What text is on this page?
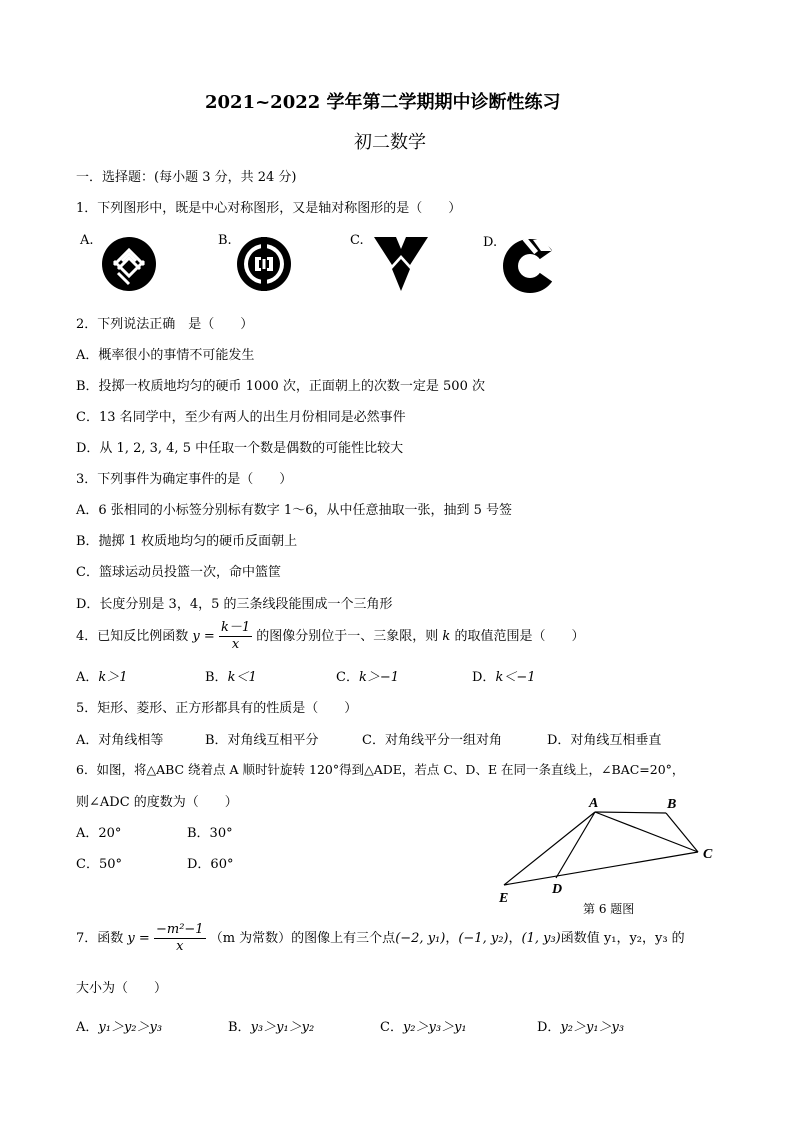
2021~2022 学年第二学期期中诊断性练习
初二数学
一．选择题：(每小题 3 分，共 24 分)
1．下列图形中，既是中心对称图形，又是轴对称图形的是（　　）
A.	B.	C.	D.
2．下列说法正确　是（　　）
A．概率很小的事情不可能发生
B．投掷一枚质地均匀的硬币 1000 次，正面朝上的次数一定是 500 次
C．13 名同学中，至少有两人的出生月份相同是必然事件
D．从 1, 2, 3, 4, 5 中任取一个数是偶数的可能性比较大
3．下列事件为确定事件的是（　　）
A．6 张相同的小标签分别标有数字 1～6，从中任意抽取一张，抽到 5 号签
B．抛掷 1 枚质地均匀的硬币反面朝上
C．篮球运动员投篮一次，命中篮筐
D．长度分别是 3，4，5 的三条线段能围成一个三角形
4．已知反比例函数 $y = \frac{k-1}{x}$ 的图像分别位于一、三象限，则 k 的取值范围是（　　）
A．k＞1	B．k＜1	C．k＞−1	D．k＜−1
5．矩形、菱形、正方形都具有的性质是（　　）
A．对角线相等	B．对角线互相平分	C．对角线平分一组对角	D．对角线互相垂直
6．如图，将△ABC 绕着点 A 顺时针旋转 120°得到△ADE，若点 C、D、E 在同一条直线上，∠BAC=20°，
则∠ADC 的度数为（　　）
A．20°	B．30°
C．50°	D．60°
A	B
C
D
E
第 6 题图
7．函数 $y = \frac{\text{−m²−1}}{x} (m$ 为常数）的图像上有三个点(−2, y₁)，(−1, y₂)，(1, y₃)函数值 y₁，y₂，y₃ 的
大小为（　　）
A．y₁＞y₂＞y₃	B．y₃＞y₁＞y₂	C．y₂＞y₃＞y₁	D．y₂＞y₁＞y₃
